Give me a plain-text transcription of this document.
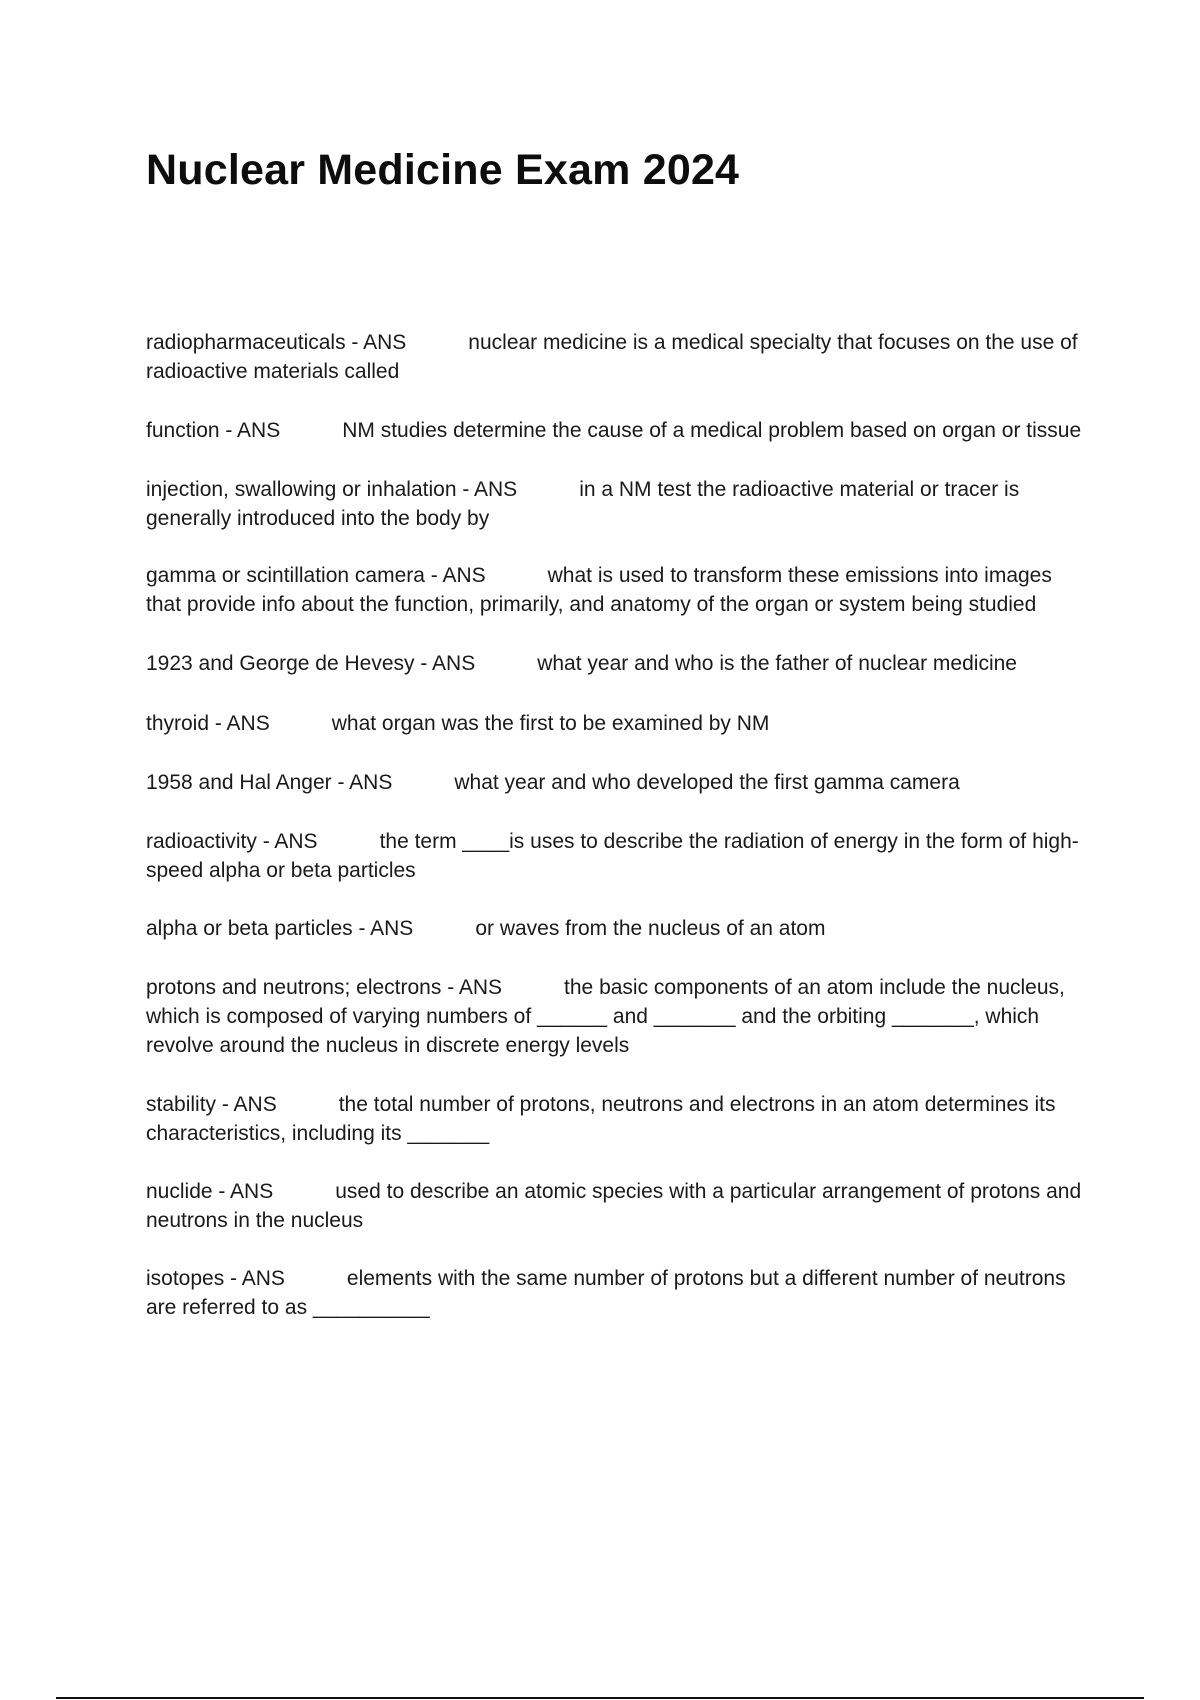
Nuclear Medicine Exam 2024

radiopharmaceuticals - ANS	nuclear medicine is a medical specialty that focuses on the use of radioactive materials called

function - ANS	NM studies determine the cause of a medical problem based on organ or tissue

injection, swallowing or inhalation - ANS	in a NM test the radioactive material or tracer is generally introduced into the body by

gamma or scintillation camera - ANS	what is used to transform these emissions into images that provide info about the function, primarily, and anatomy of the organ or system being studied

1923 and George de Hevesy - ANS	what year and who is the father of nuclear medicine

thyroid - ANS	what organ was the first to be examined by NM

1958 and Hal Anger - ANS	what year and who developed the first gamma camera

radioactivity - ANS	the term ____is uses to describe the radiation of energy in the form of high-speed alpha or beta particles

alpha or beta particles - ANS	or waves from the nucleus of an atom

protons and neutrons; electrons - ANS	the basic components of an atom include the nucleus, which is composed of varying numbers of ______ and _______ and the orbiting _______, which revolve around the nucleus in discrete energy levels

stability - ANS	the total number of protons, neutrons and electrons in an atom determines its characteristics, including its _______

nuclide - ANS	used to describe an atomic species with a particular arrangement of protons and neutrons in the nucleus

isotopes - ANS	elements with the same number of protons but a different number of neutrons are referred to as __________
